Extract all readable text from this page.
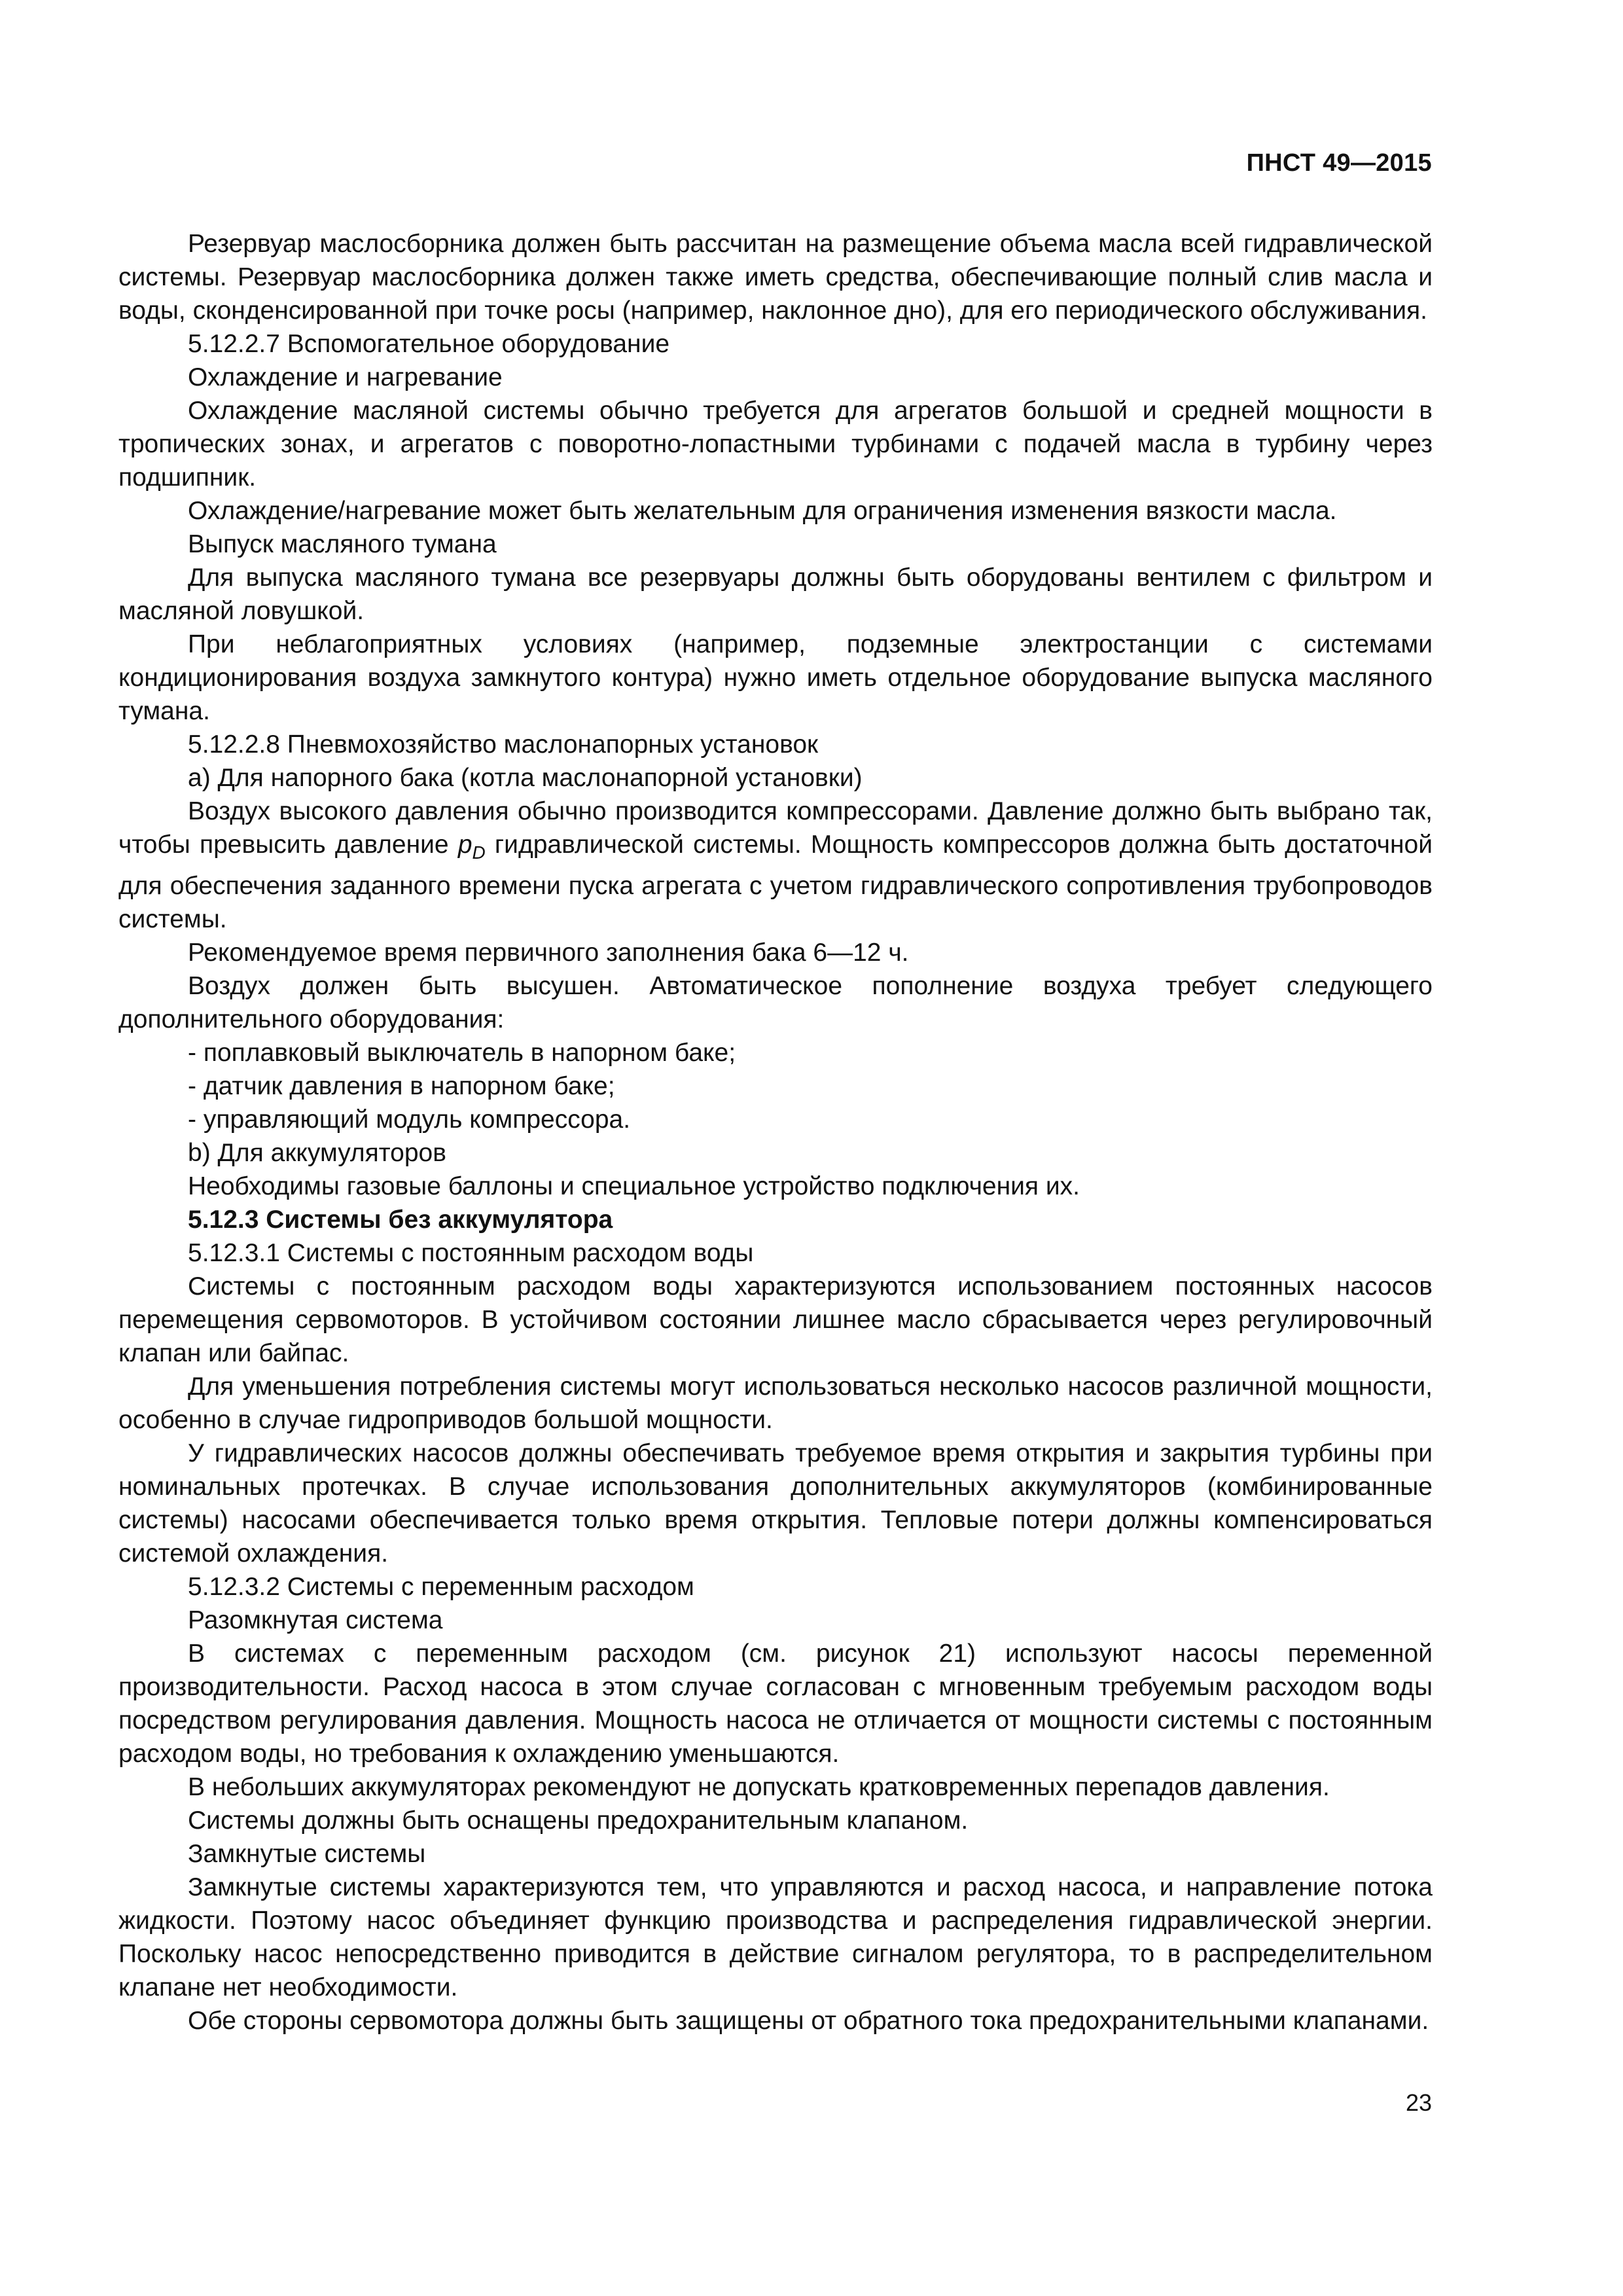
ПНСТ 49—2015

Резервуар маслосборника должен быть рассчитан на размещение объема масла всей гидравлической системы. Резервуар маслосборника должен также иметь средства, обеспечивающие полный слив масла и воды, сконденсированной при точке росы (например, наклонное дно), для его периодического обслуживания.

5.12.2.7 Вспомогательное оборудование

Охлаждение и нагревание

Охлаждение масляной системы обычно требуется для агрегатов большой и средней мощности в тропических зонах, и агрегатов с поворотно-лопастными турбинами с подачей масла в турбину через подшипник.

Охлаждение/нагревание может быть желательным для ограничения изменения вязкости масла.

Выпуск масляного тумана

Для выпуска масляного тумана все резервуары должны быть оборудованы вентилем с фильтром и масляной ловушкой.

При неблагоприятных условиях (например, подземные электростанции с системами кондиционирования воздуха замкнутого контура) нужно иметь отдельное оборудование выпуска масляного тумана.

5.12.2.8 Пневмохозяйство маслонапорных установок

а) Для напорного бака (котла маслонапорной установки)

Воздух высокого давления обычно производится компрессорами. Давление должно быть выбрано так, чтобы превысить давление $p_D$ гидравлической системы. Мощность компрессоров должна быть достаточной для обеспечения заданного времени пуска агрегата с учетом гидравлического сопротивления трубопроводов системы.

Рекомендуемое время первичного заполнения бака 6—12 ч.

Воздух должен быть высушен. Автоматическое пополнение воздуха требует следующего дополнительного оборудования:

- поплавковый выключатель в напорном баке;

- датчик давления в напорном баке;

- управляющий модуль компрессора.

b) Для аккумуляторов

Необходимы газовые баллоны и специальное устройство подключения их.

5.12.3 Системы без аккумулятора

5.12.3.1 Системы с постоянным расходом воды

Системы с постоянным расходом воды характеризуются использованием постоянных насосов перемещения сервомоторов. В устойчивом состоянии лишнее масло сбрасывается через регулировочный клапан или байпас.

Для уменьшения потребления системы могут использоваться несколько насосов различной мощности, особенно в случае гидроприводов большой мощности.

У гидравлических насосов должны обеспечивать требуемое время открытия и закрытия турбины при номинальных протечках. В случае использования дополнительных аккумуляторов (комбинированные системы) насосами обеспечивается только время открытия. Тепловые потери должны компенсироваться системой охлаждения.

5.12.3.2 Системы с переменным расходом

Разомкнутая система

В системах с переменным расходом (см. рисунок 21) используют насосы переменной производительности. Расход насоса в этом случае согласован с мгновенным требуемым расходом воды посредством регулирования давления. Мощность насоса не отличается от мощности системы с постоянным расходом воды, но требования к охлаждению уменьшаются.

В небольших аккумуляторах рекомендуют не допускать кратковременных перепадов давления.

Системы должны быть оснащены предохранительным клапаном.

Замкнутые системы

Замкнутые системы характеризуются тем, что управляются и расход насоса, и направление потока жидкости. Поэтому насос объединяет функцию производства и распределения гидравлической энергии. Поскольку насос непосредственно приводится в действие сигналом регулятора, то в распределительном клапане нет необходимости.

Обе стороны сервомотора должны быть защищены от обратного тока предохранительными клапанами.

23
